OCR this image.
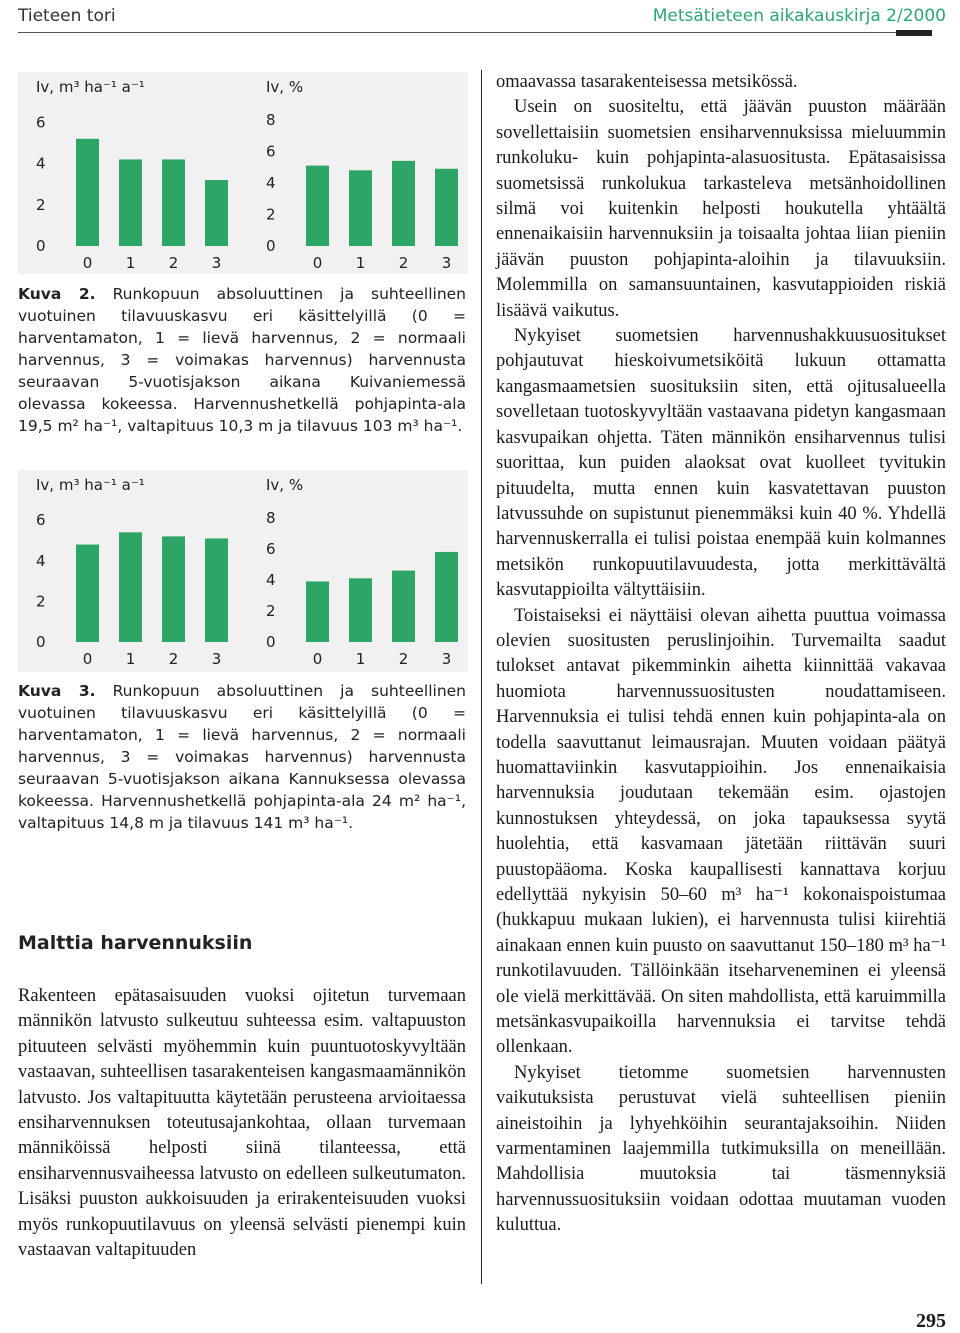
Tieteen tori	Metsätieteen aikakauskirja 2/2000
Iv, m³ ha⁻¹ a⁻¹
0
2
4
6
0 1 2 3
Iv, %
0
2
4
6
8
0 1 2 3
Kuva 2. Runkopuun absoluuttinen ja suhteellinen vuotuinen tilavuuskasvu eri käsittelyillä (0 = harventamaton, 1 = lievä harvennus, 2 = normaali harvennus, 3 = voimakas harvennus) harvennusta seuraavan 5-vuotisjakson aikana Kuivaniemessä olevassa kokeessa. Harvennushetkellä pohjapinta-ala 19,5 m² ha⁻¹, valtapituus 10,3 m ja tilavuus 103 m³ ha⁻¹.
Iv, m³ ha⁻¹ a⁻¹
0
2
4
6
0 1 2 3
Iv, %
0
2
4
6
8
0 1 2 3
Kuva 3. Runkopuun absoluuttinen ja suhteellinen vuotuinen tilavuuskasvu eri käsittelyillä (0 = harventamaton, 1 = lievä harvennus, 2 = normaali harvennus, 3 = voimakas harvennus) harvennusta seuraavan 5-vuotisjakson aikana Kannuksessa olevassa kokeessa. Harvennushetkellä pohjapinta-ala 24 m² ha⁻¹, valtapituus 14,8 m ja tilavuus 141 m³ ha⁻¹.
Malttia harvennuksiin

Rakenteen epätasaisuuden vuoksi ojitetun turvemaan männikön latvusto sulkeutuu suhteessa esim. valtapuuston pituuteen selvästi myöhemmin kuin puuntuotoskyvyltään vastaavan, suhteellisen tasarakenteisen kangasmaamännikön latvusto. Jos valtapituutta käytetään perusteena arvioitaessa ensiharvennuksen toteutusajankohtaa, ollaan turvemaan männiköissä helposti siinä tilanteessa, että ensiharvennusvaiheessa latvusto on edelleen sulkeutumaton. Lisäksi puuston aukkoisuuden ja erirakenteisuuden vuoksi myös runkopuutilavuus on yleensä selvästi pienempi kuin vastaavan valtapituuden

omaavassa tasarakenteisessa metsikössä.

Usein on suositeltu, että jäävän puuston määrään sovellettaisiin suometsien ensiharvennuksissa mieluummin runkoluku- kuin pohjapinta-alasuositusta. Epätasaisissa suometsissä runkolukua tarkasteleva metsänhoidollinen silmä voi kuitenkin helposti houkutella yhtäältä ennenaikaisiin harvennuksiin ja toisaalta johtaa liian pieniin jäävän puuston pohjapinta-aloihin ja tilavuuksiin. Molemmilla on samansuuntainen, kasvutappioiden riskiä lisäävä vaikutus.

Nykyiset suometsien harvennushakkuusuositukset pohjautuvat hieskoivumetsiköitä lukuun ottamatta kangasmaametsien suosituksiin siten, että ojitusalueella sovelletaan tuotoskyvyltään vastaavana pidetyn kangasmaan kasvupaikan ohjetta. Täten männikön ensiharvennus tulisi suorittaa, kun puiden alaoksat ovat kuolleet tyvitukin pituudelta, mutta ennen kuin kasvatettavan puuston latvussuhde on supistunut pienemmäksi kuin 40 %. Yhdellä harvennuskerralla ei tulisi poistaa enempää kuin kolmannes metsikön runkopuutilavuudesta, jotta merkittävältä kasvutappioilta vältyttäisiin.

Toistaiseksi ei näyttäisi olevan aihetta puuttua voimassa olevien suositusten peruslinjoihin. Turvemailta saadut tulokset antavat pikemminkin aihetta kiinnittää vakavaa huomiota harvennussuositusten noudattamiseen. Harvennuksia ei tulisi tehdä ennen kuin pohjapinta-ala on todella saavuttanut leimausrajan. Muuten voidaan päätyä huomattaviinkin kasvutappioihin. Jos ennenaikaisia harvennuksia joudutaan tekemään esim. ojastojen kunnostuksen yhteydessä, on joka tapauksessa syytä huolehtia, että kasvamaan jätetään riittävän suuri puustopääoma. Koska kaupallisesti kannattava korjuu edellyttää nykyisin 50–60 m³ ha⁻¹ kokonaispoistumaa (hukkapuu mukaan lukien), ei harvennusta tulisi kiirehtiä ainakaan ennen kuin puusto on saavuttanut 150–180 m³ ha⁻¹ runkotilavuuden. Tällöinkään itseharveneminen ei yleensä ole vielä merkittävää. On siten mahdollista, että karuimmilla metsänkasvupaikoilla harvennuksia ei tarvitse tehdä ollenkaan.

Nykyiset tietomme suometsien harvennusten vaikutuksista perustuvat vielä suhteellisen pieniin aineistoihin ja lyhyehköihin seurantajaksoihin. Niiden varmentaminen laajemmilla tutkimuksilla on meneillään. Mahdollisia muutoksia tai täsmennyksiä harvennussuosituksiin voidaan odottaa muutaman vuoden kuluttua.

295
